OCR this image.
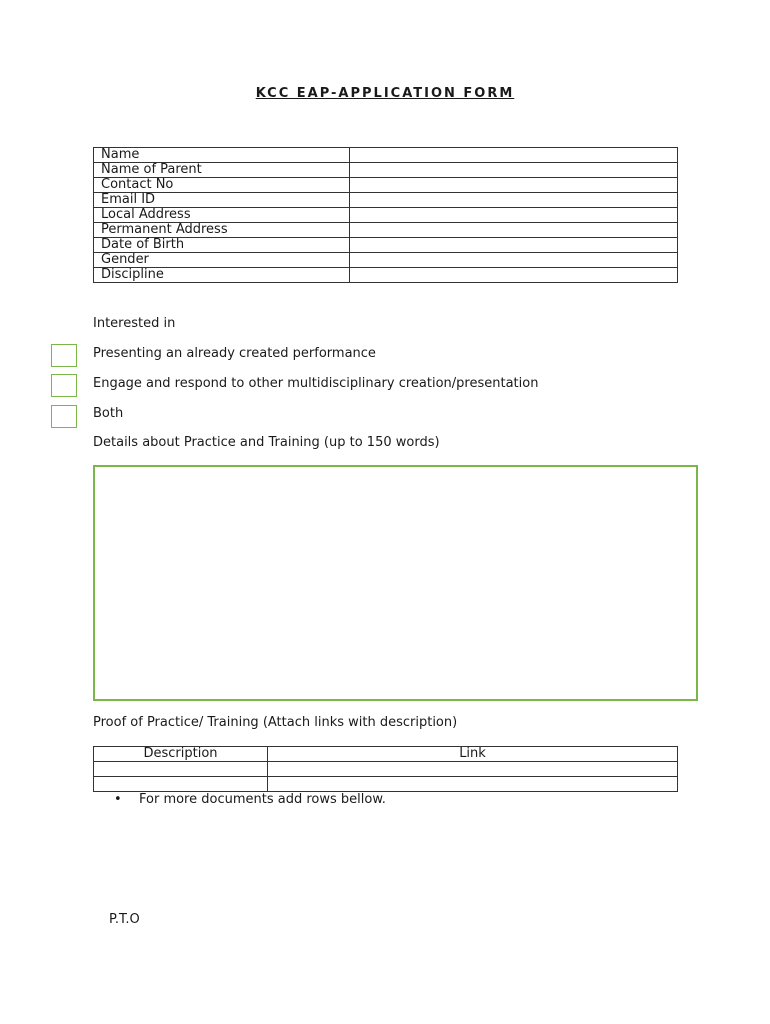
KCC EAP-APPLICATION FORM
Name	
Name of Parent	
Contact No	
Email ID	
Local Address	
Permanent Address	
Date of Birth	
Gender	
Discipline	
Interested in
Presenting an already created performance
Engage and respond to other multidisciplinary creation/presentation
Both
Details about Practice and Training (up to 150 words)
Proof of Practice/ Training (Attach links with description)
Description	Link

• For more documents add rows bellow.
P.T.O
